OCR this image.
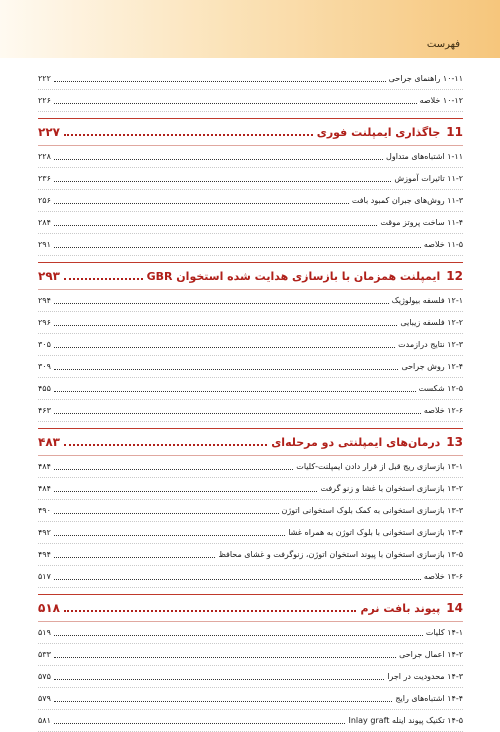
فهرست
۱۰-۱۱ راهنمای جراحی
۲۲۲
۱۰-۱۲ خلاصه
۲۲۶
11
جاگذاری ایمپلنت فوری
۲۲۷
۱-۱۱ اشتباه‌های متداول
۲۲۸
۱۱-۲ تاثیرات آموزش
۲۳۶
۱۱-۳ روش‌های جبران کمبود بافت
۲۵۶
۱۱-۴ ساخت پروتز موقت
۲۸۴
۱۱-۵ خلاصه
۲۹۱
12
ایمپلنت همزمان با بازسازی هدایت شده استخوان GBR
۲۹۳
۱۲-۱ فلسفه بیولوژیک
۲۹۴
۱۲-۲ فلسفه زیبایی
۲۹۶
۱۲-۳ نتایج درازمدت
۳۰۵
۱۲-۴ روش جراحی
۳۰۹
۱۲-۵ شکست
۴۵۵
۱۲-۶ خلاصه
۴۶۳
13
درمان‌های ایمپلنتی دو مرحله‌ای
۴۸۳
۱۳-۱ بازسازی ریج قبل از قرار دادن ایمپلنت-کلیات
۴۸۴
۱۳-۲ بازسازی استخوان با غشا و زنو گرفت
۴۸۴
۱۳-۳ بازسازی استخوانی به کمک بلوک استخوانی اتوژن
۴۹۰
۱۳-۴ بازسازی استخوانی با بلوک اتوژن به همراه غشا
۴۹۲
۱۳-۵ بازسازی استخوان با پیوند استخوان اتوژن، زنوگرفت و غشای محافظ
۴۹۴
۱۳-۶ خلاصه
۵۱۷
14
پیوند بافت نرم
۵۱۸
۱۴-۱ کلیات
۵۱۹
۱۴-۲ اعمال جراحی
۵۳۳
۱۴-۳ محدودیت در اجرا
۵۷۵
۱۴-۴ اشتباه‌های رایج
۵۷۹
۱۴-۵ تکنیک پیوند اینله Inlay graft
۵۸۱
